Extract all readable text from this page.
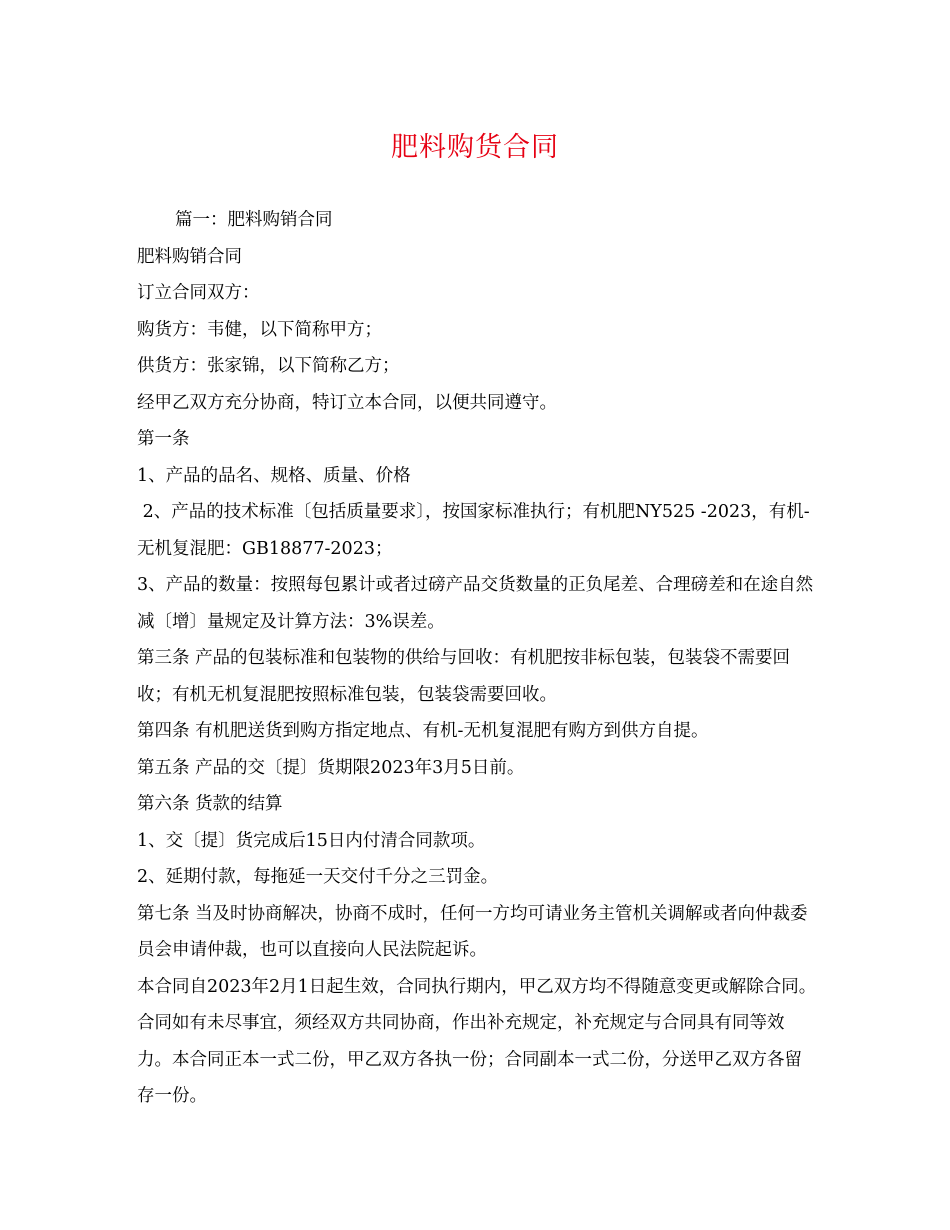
肥料购货合同

篇一：肥料购销合同

肥料购销合同

订立合同双方：

购货方：韦健，以下简称甲方；

供货方：张家锦，以下简称乙方；

经甲乙双方充分协商，特订立本合同，以便共同遵守。

第一条

1、产品的品名、规格、质量、价格

2、产品的技术标准〔包括质量要求〕，按国家标准执行；有机肥NY525 -2023，有机-无机复混肥：GB18877-2023；

3、产品的数量：按照每包累计或者过磅产品交货数量的正负尾差、合理磅差和在途自然减〔增〕量规定及计算方法：3%误差。

第三条 产品的包装标准和包装物的供给与回收：有机肥按非标包装，包装袋不需要回收；有机无机复混肥按照标准包装，包装袋需要回收。

第四条 有机肥送货到购方指定地点、有机-无机复混肥有购方到供方自提。

第五条 产品的交〔提〕货期限2023年3月5日前。

第六条 货款的结算

1、交〔提〕货完成后15日内付清合同款项。

2、延期付款，每拖延一天交付千分之三罚金。

第七条 当及时协商解决，协商不成时，任何一方均可请业务主管机关调解或者向仲裁委员会申请仲裁，也可以直接向人民法院起诉。

本合同自2023年2月1日起生效，合同执行期内，甲乙双方均不得随意变更或解除合同。合同如有未尽事宜，须经双方共同协商，作出补充规定，补充规定与合同具有同等效力。本合同正本一式二份，甲乙双方各执一份；合同副本一式二份，分送甲乙双方各留存一份。
